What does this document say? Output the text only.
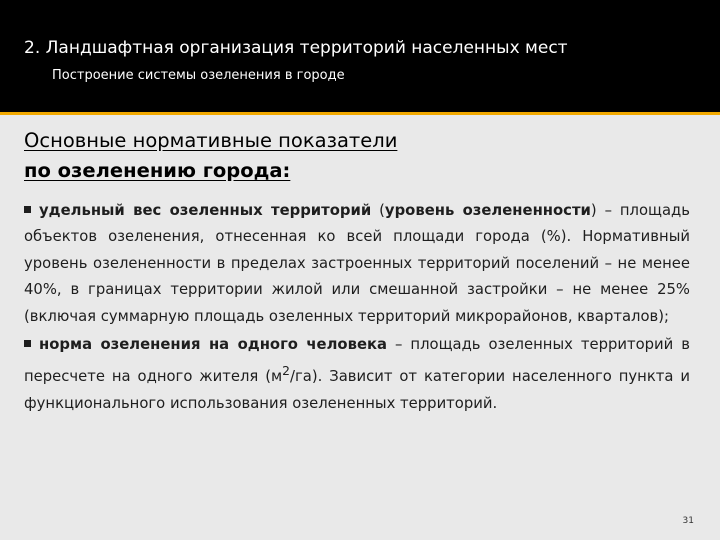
2. Ландшафтная организация территорий населенных мест
Построение системы озеленения в городе
Основные нормативные показатели
по озеленению города:

удельный вес озеленных территорий (уровень озелененности) – площадь объектов озеленения, отнесенная ко всей площади города (%). Нормативный уровень озелененности в пределах застроенных территорий поселений – не менее 40%, в границах территории жилой или смешанной застройки – не менее 25% (включая суммарную площадь озеленных территорий микрорайонов, кварталов);

норма озеленения на одного человека – площадь озеленных территорий в пересчете на одного жителя $(м^2/га)$. Зависит от категории населенного пункта и функционального использования озелененных территорий.

31
